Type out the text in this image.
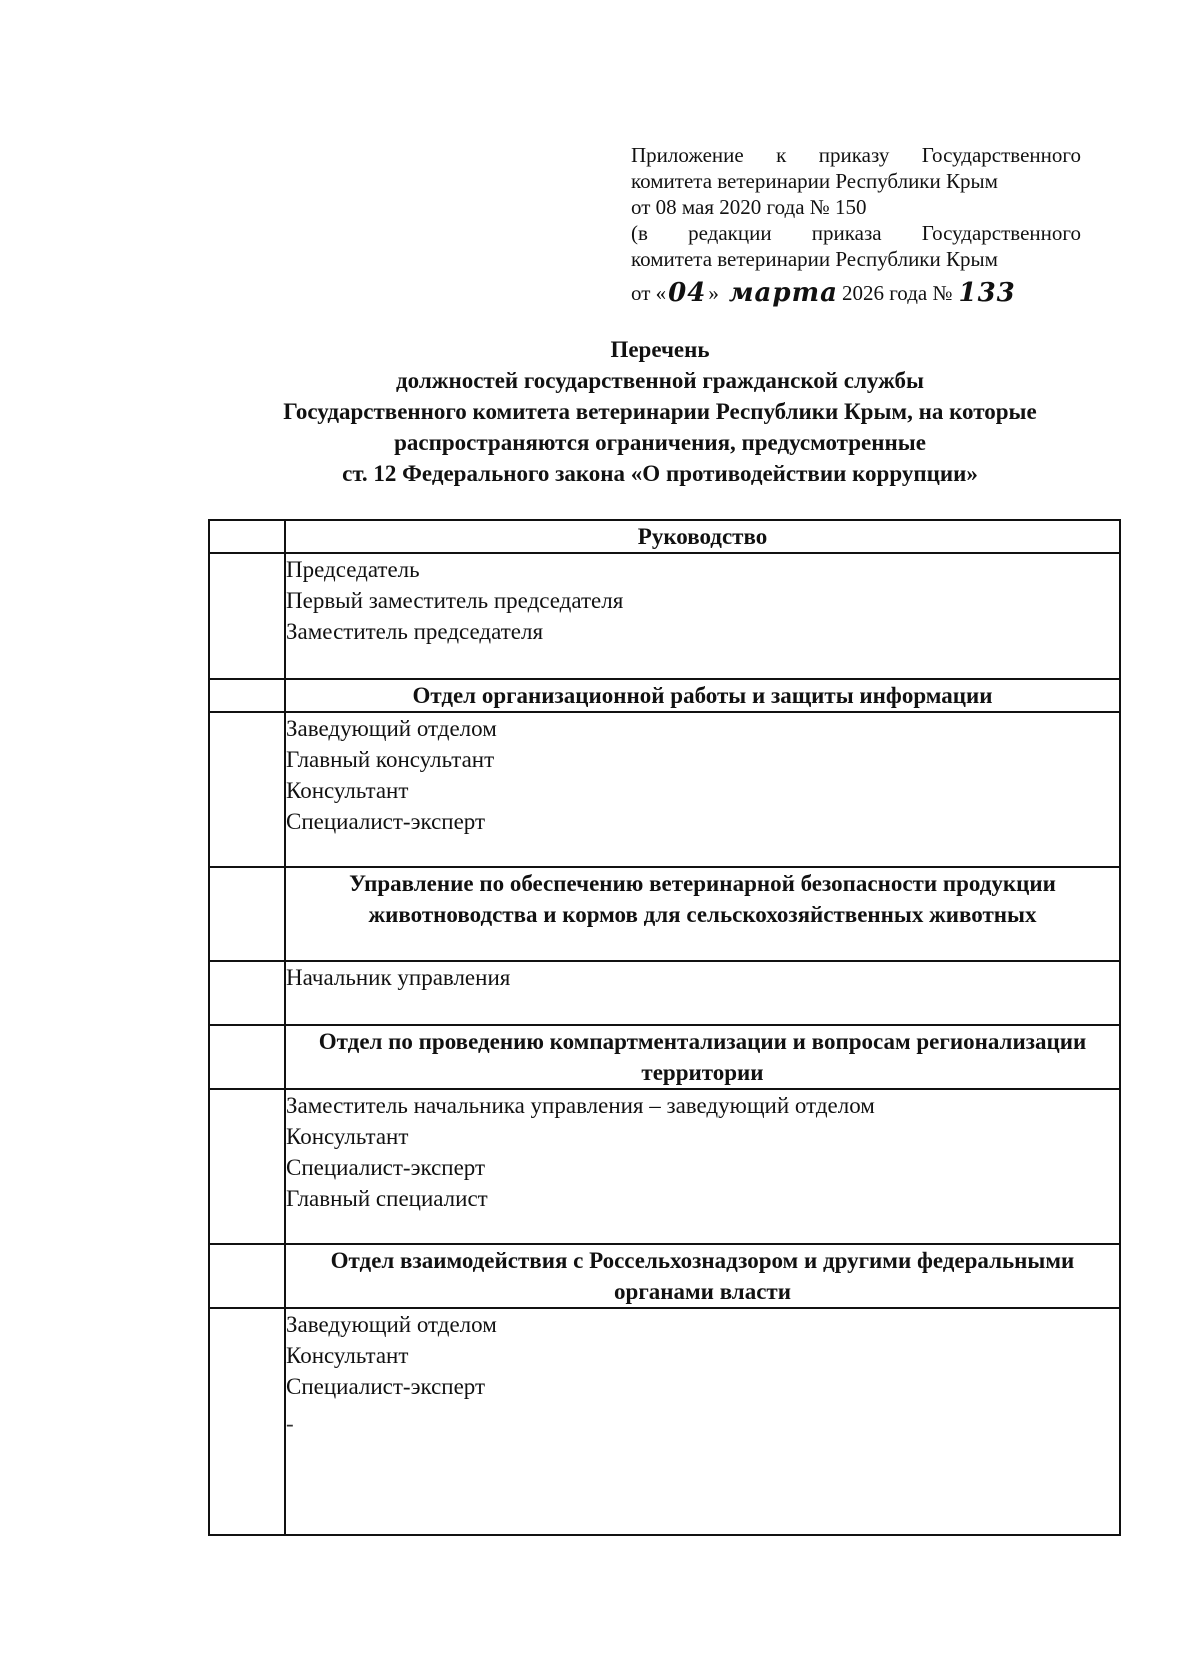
Приложение к приказу Государственного
комитета ветеринарии Республики Крым
от 08 мая 2020 года № 150
(в редакции приказа Государственного
комитета ветеринарии Республики Крым
от « 04 » марта 2026 года № 133
Перечень
должностей государственной гражданской службы
Государственного комитета ветеринарии Республики Крым, на которые
распространяются ограничения, предусмотренные
ст. 12 Федерального закона «О противодействии коррупции»
	Руководство

	Председатель
Первый заместитель председателя
Заместитель председателя

	Отдел организационной работы и защиты информации

	Заведующий отделом
Главный консультант
Консультант
Специалист-эксперт

	Управление по обеспечению ветеринарной безопасности продукции животноводства и кормов для сельскохозяйственных животных

	Начальник управления

	Отдел по проведению компартментализации и вопросам регионализации территории

	Заместитель начальника управления – заведующий отделом
Консультант
Специалист-эксперт
Главный специалист

	Отдел взаимодействия с Россельхознадзором и другими федеральными органами власти

	Заведующий отделом
Консультант
Специалист-эксперт
-
